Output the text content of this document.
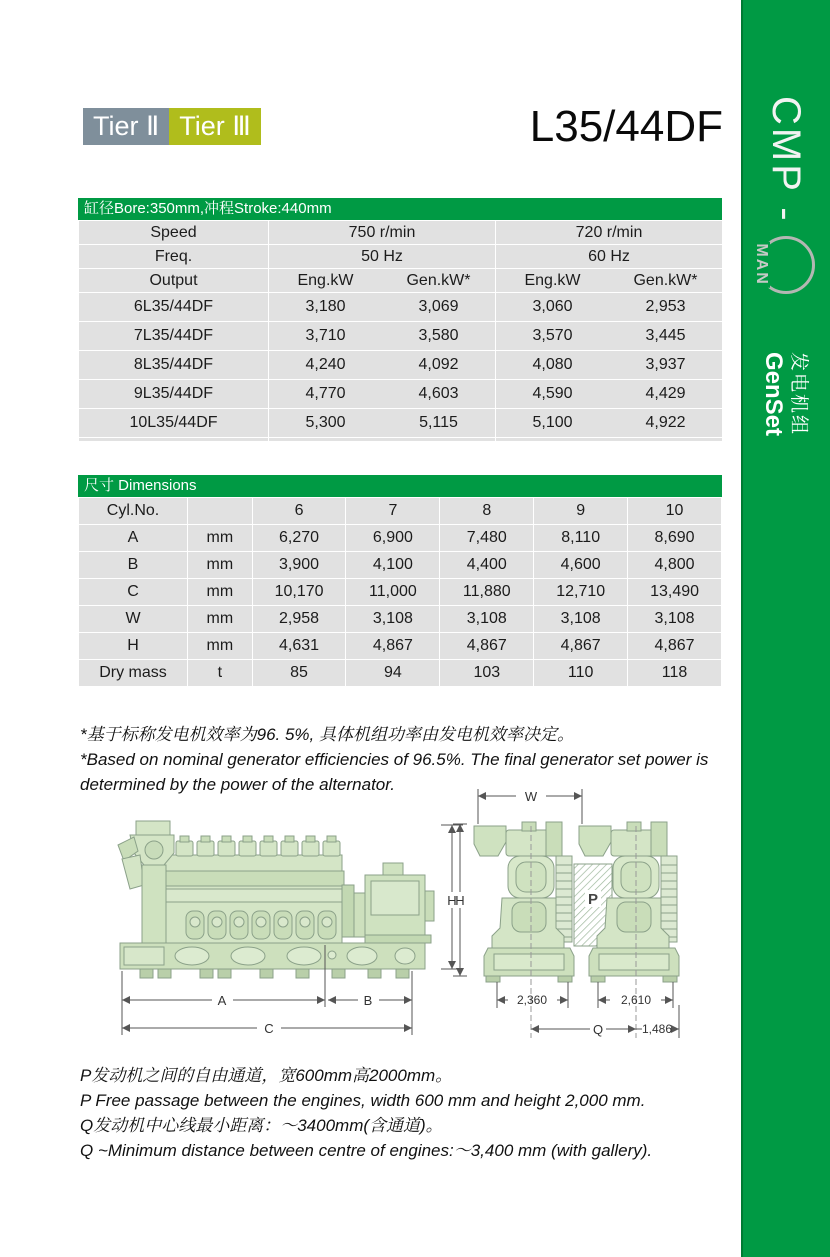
Tier Ⅱ Tier Ⅲ	L35/44DF
缸径Bore:350mm,冲程Stroke:440mm
Speed	750 r/min	720 r/min
Freq.	50 Hz	60 Hz
Output	Eng.kW Gen.kW*	Eng.kW Gen.kW*

6L35/44DF	3,180 3,069	3,060 2,953

7L35/44DF	3,710 3,580	3,570 3,445

8L35/44DF	4,240 4,092	4,080 3,937

9L35/44DF	4,770 4,603	4,590 4,429

10L35/44DF	5,300 5,115	5,100 4,922

尺寸 Dimensions
Cyl.No.		6	7	8	9	10
A	mm	6,270	6,900	7,480	8,110	8,690
B	mm	3,900	4,100	4,400	4,600	4,800
C	mm	10,170	11,000	11,880	12,710	13,490
W	mm	2,958	3,108	3,108	3,108	3,108
H	mm	4,631	4,867	4,867	4,867	4,867
Dry mass	t	85	94	103	110	118
*基于标称发电机效率为96. 5%, 具体机组功率由发电机效率决定。
*Based on nominal generator efficiencies of 96.5%. The final generator set power is
determined by the power of the alternator.
A	B
C
H	P
W
H
Q
2,360	2,610
1,486
P发动机之间的自由通道，宽600mm高2000mm。
P Free passage between the engines, width 600 mm and height 2,000 mm.
Q发动机中心线最小距离：～3400mm(含通道)。
Q ~Minimum distance between centre of engines:～3,400 mm (with gallery).
CMP -
MAN
发电机组
GenSet
